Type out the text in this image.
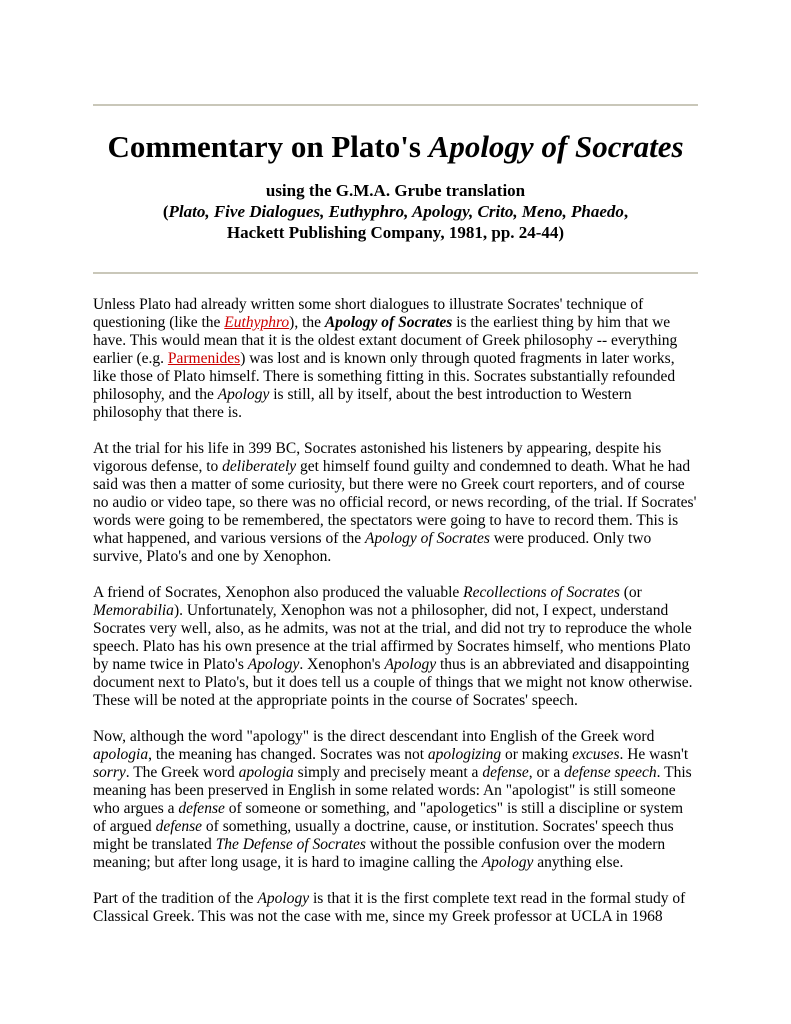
Commentary on Plato's Apology of Socrates
using the G.M.A. Grube translation
(Plato, Five Dialogues, Euthyphro, Apology, Crito, Meno, Phaedo,
Hackett Publishing Company, 1981, pp. 24-44)

Unless Plato had already written some short dialogues to illustrate Socrates' technique of
questioning (like the Euthyphro), the Apology of Socrates is the earliest thing by him that we
have. This would mean that it is the oldest extant document of Greek philosophy -- everything
earlier (e.g. Parmenides) was lost and is known only through quoted fragments in later works,
like those of Plato himself. There is something fitting in this. Socrates substantially refounded
philosophy, and the Apology is still, all by itself, about the best introduction to Western
philosophy that there is.

At the trial for his life in 399 BC, Socrates astonished his listeners by appearing, despite his
vigorous defense, to deliberately get himself found guilty and condemned to death. What he had
said was then a matter of some curiosity, but there were no Greek court reporters, and of course
no audio or video tape, so there was no official record, or news recording, of the trial. If Socrates'
words were going to be remembered, the spectators were going to have to record them. This is
what happened, and various versions of the Apology of Socrates were produced. Only two
survive, Plato's and one by Xenophon.

A friend of Socrates, Xenophon also produced the valuable Recollections of Socrates (or
Memorabilia). Unfortunately, Xenophon was not a philosopher, did not, I expect, understand
Socrates very well, also, as he admits, was not at the trial, and did not try to reproduce the whole
speech. Plato has his own presence at the trial affirmed by Socrates himself, who mentions Plato
by name twice in Plato's Apology. Xenophon's Apology thus is an abbreviated and disappointing
document next to Plato's, but it does tell us a couple of things that we might not know otherwise.
These will be noted at the appropriate points in the course of Socrates' speech.

Now, although the word "apology" is the direct descendant into English of the Greek word
apologia, the meaning has changed. Socrates was not apologizing or making excuses. He wasn't
sorry. The Greek word apologia simply and precisely meant a defense, or a defense speech. This
meaning has been preserved in English in some related words: An "apologist" is still someone
who argues a defense of someone or something, and "apologetics" is still a discipline or system
of argued defense of something, usually a doctrine, cause, or institution. Socrates' speech thus
might be translated The Defense of Socrates without the possible confusion over the modern
meaning; but after long usage, it is hard to imagine calling the Apology anything else.

Part of the tradition of the Apology is that it is the first complete text read in the formal study of
Classical Greek. This was not the case with me, since my Greek professor at UCLA in 1968
